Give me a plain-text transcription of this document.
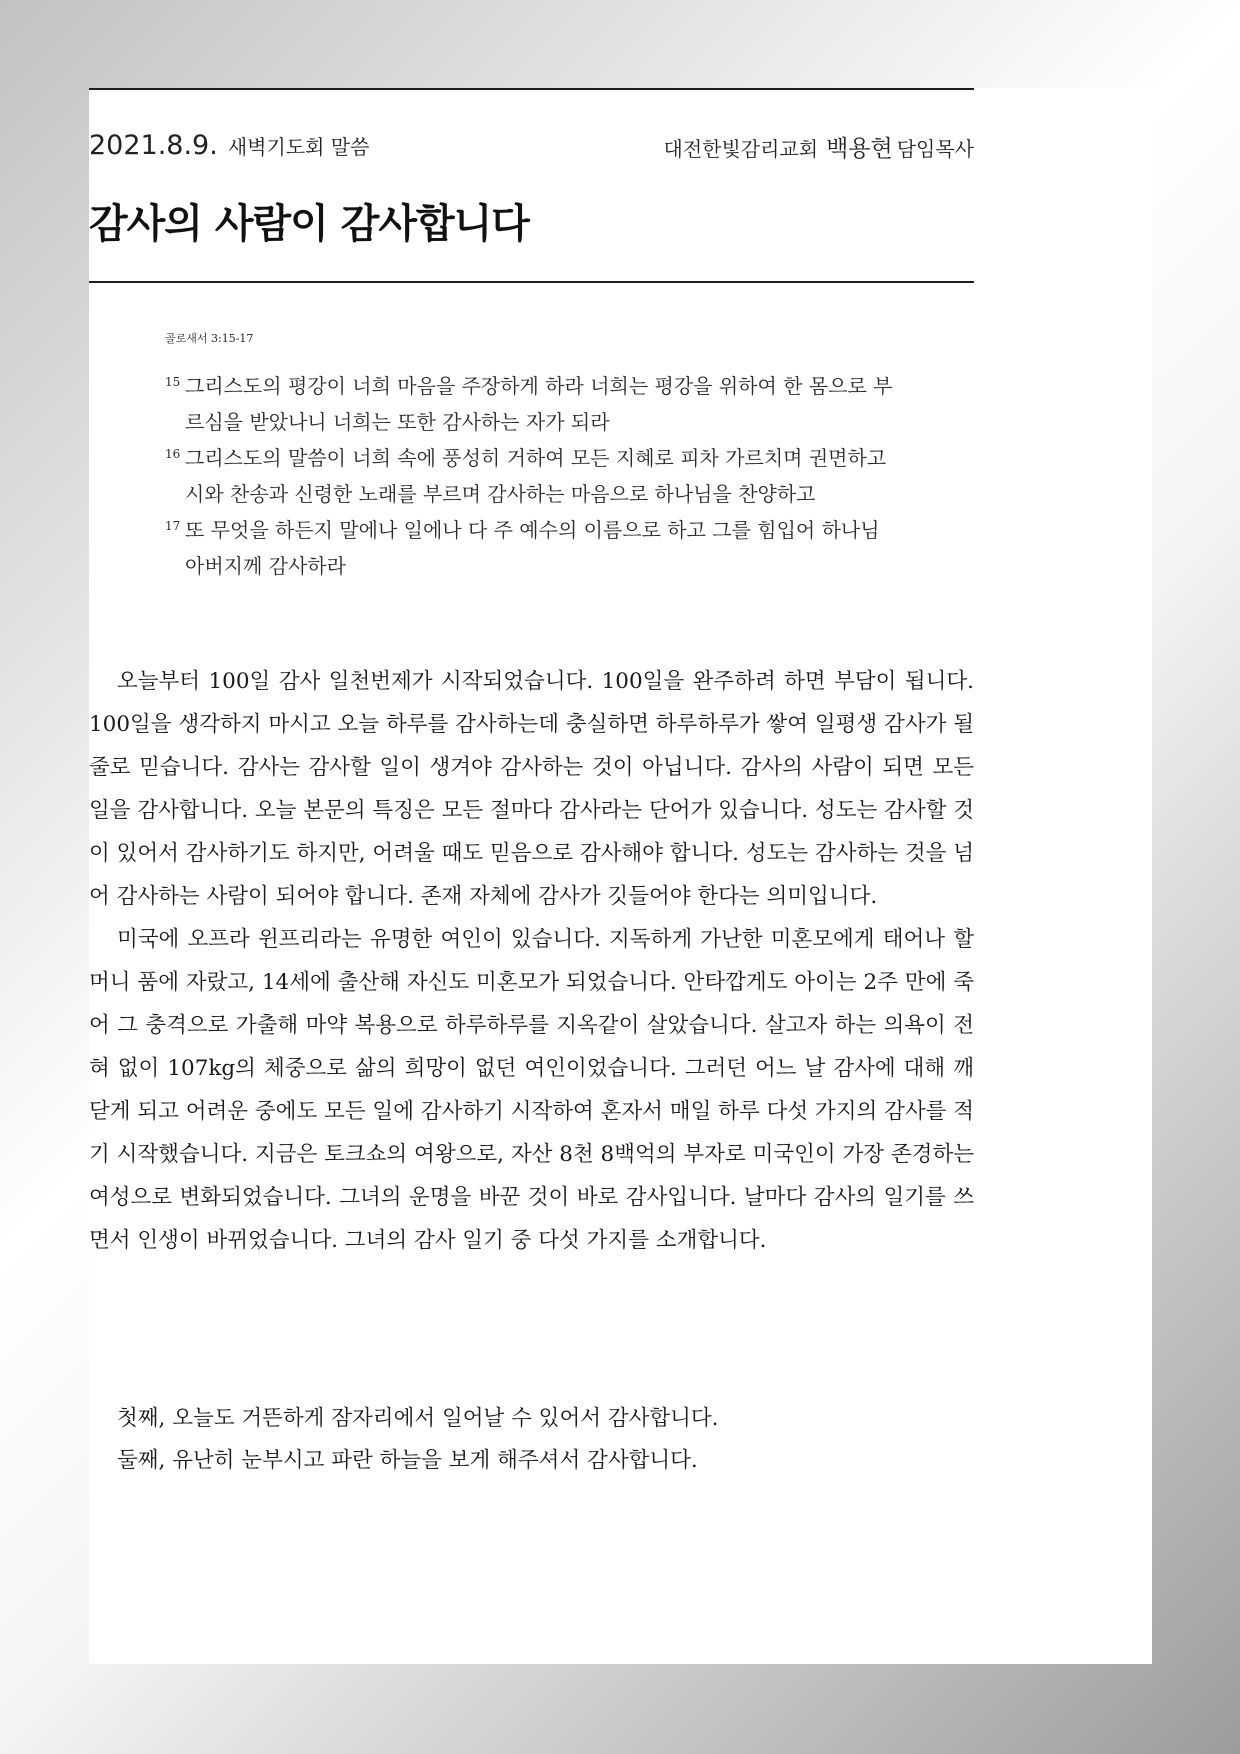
2021.8.9. 새벽기도회 말씀	대전한빛감리교회 백용현 담임목사
감사의 사람이 감사합니다
골로새서 3:15-17
15 그리스도의 평강이 너희 마음을 주장하게 하라 너희는 평강을 위하여 한 몸으로 부르심을 받았나니 너희는 또한 감사하는 자가 되라
16 그리스도의 말씀이 너희 속에 풍성히 거하여 모든 지혜로 피차 가르치며 권면하고 시와 찬송과 신령한 노래를 부르며 감사하는 마음으로 하나님을 찬양하고
17 또 무엇을 하든지 말에나 일에나 다 주 예수의 이름으로 하고 그를 힘입어 하나님 아버지께 감사하라

오늘부터 100일 감사 일천번제가 시작되었습니다. 100일을 완주하려 하면 부담이 됩니다. 100일을 생각하지 마시고 오늘 하루를 감사하는데 충실하면 하루하루가 쌓여 일평생 감사가 될 줄로 믿습니다. 감사는 감사할 일이 생겨야 감사하는 것이 아닙니다. 감사의 사람이 되면 모든 일을 감사합니다. 오늘 본문의 특징은 모든 절마다 감사라는 단어가 있습니다. 성도는 감사할 것이 있어서 감사하기도 하지만, 어려울 때도 믿음으로 감사해야 합니다. 성도는 감사하는 것을 넘어 감사하는 사람이 되어야 합니다. 존재 자체에 감사가 깃들어야 한다는 의미입니다.

미국에 오프라 윈프리라는 유명한 여인이 있습니다. 지독하게 가난한 미혼모에게 태어나 할머니 품에 자랐고, 14세에 출산해 자신도 미혼모가 되었습니다. 안타깝게도 아이는 2주 만에 죽어 그 충격으로 가출해 마약 복용으로 하루하루를 지옥같이 살았습니다. 살고자 하는 의욕이 전혀 없이 107kg의 체중으로 삶의 희망이 없던 여인이었습니다. 그러던 어느 날 감사에 대해 깨닫게 되고 어려운 중에도 모든 일에 감사하기 시작하여 혼자서 매일 하루 다섯 가지의 감사를 적기 시작했습니다. 지금은 토크쇼의 여왕으로, 자산 8천 8백억의 부자로 미국인이 가장 존경하는 여성으로 변화되었습니다. 그녀의 운명을 바꾼 것이 바로 감사입니다. 날마다 감사의 일기를 쓰면서 인생이 바뀌었습니다. 그녀의 감사 일기 중 다섯 가지를 소개합니다.

첫째, 오늘도 거뜬하게 잠자리에서 일어날 수 있어서 감사합니다.

둘째, 유난히 눈부시고 파란 하늘을 보게 해주셔서 감사합니다.
